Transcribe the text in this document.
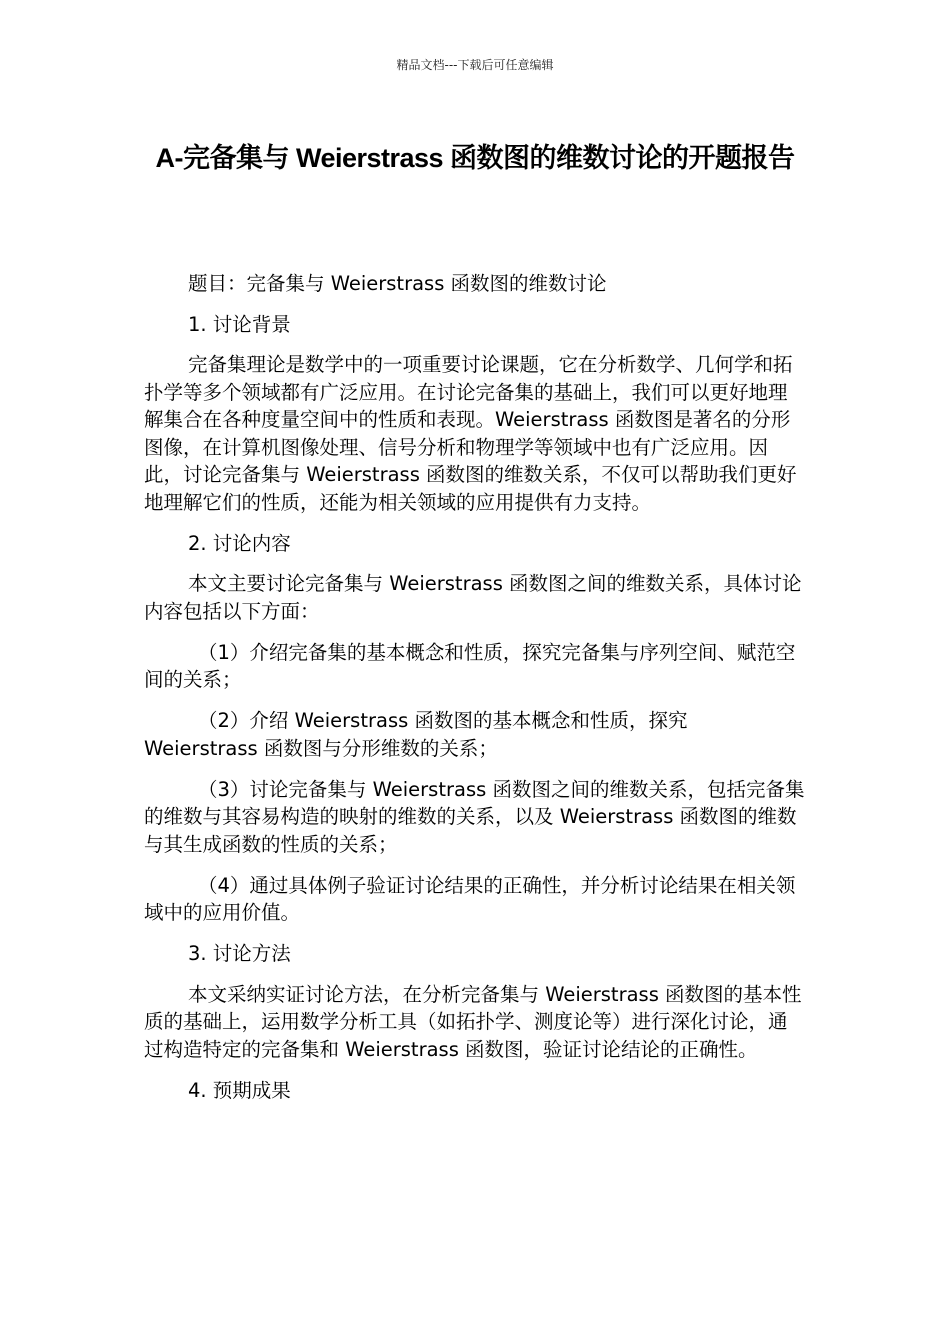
精品文档---下载后可任意编辑
A-完备集与 Weierstrass 函数图的维数讨论的开题报告

题目：完备集与 Weierstrass 函数图的维数讨论

1. 讨论背景

完备集理论是数学中的一项重要讨论课题，它在分析数学、几何学和拓扑学等多个领域都有广泛应用。在讨论完备集的基础上，我们可以更好地理解集合在各种度量空间中的性质和表现。Weierstrass 函数图是著名的分形图像，在计算机图像处理、信号分析和物理学等领域中也有广泛应用。因此，讨论完备集与 Weierstrass 函数图的维数关系，不仅可以帮助我们更好地理解它们的性质，还能为相关领域的应用提供有力支持。

2. 讨论内容

本文主要讨论完备集与 Weierstrass 函数图之间的维数关系，具体讨论内容包括以下方面：

（1）介绍完备集的基本概念和性质，探究完备集与序列空间、赋范空间的关系；

（2）介绍 Weierstrass 函数图的基本概念和性质，探究 Weierstrass 函数图与分形维数的关系；

（3）讨论完备集与 Weierstrass 函数图之间的维数关系，包括完备集的维数与其容易构造的映射的维数的关系，以及 Weierstrass 函数图的维数与其生成函数的性质的关系；

（4）通过具体例子验证讨论结果的正确性，并分析讨论结果在相关领域中的应用价值。

3. 讨论方法

本文采纳实证讨论方法，在分析完备集与 Weierstrass 函数图的基本性质的基础上，运用数学分析工具（如拓扑学、测度论等）进行深化讨论，通过构造特定的完备集和 Weierstrass 函数图，验证讨论结论的正确性。

4. 预期成果
